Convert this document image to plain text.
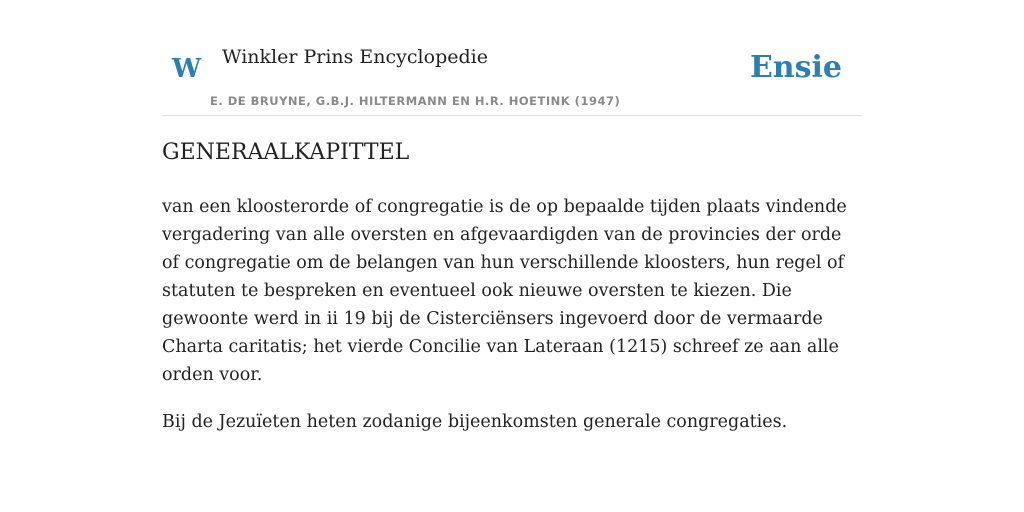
W Winkler Prins Encyclopedie
E. DE BRUYNE, G.B.J. HILTERMANN EN H.R. HOETINK (1947)
Ensie
GENERAALKAPITTEL

van een kloosterorde of congregatie is de op bepaalde tijden plaats vindende vergadering van alle oversten en afgevaardigden van de provincies der orde of congregatie om de belangen van hun verschillende kloosters, hun regel of statuten te bespreken en eventueel ook nieuwe oversten te kiezen. Die gewoonte werd in ii 19 bij de Cisterciënsers ingevoerd door de vermaarde Charta caritatis; het vierde Concilie van Lateraan (1215) schreef ze aan alle orden voor.

Bij de Jezuïeten heten zodanige bijeenkomsten generale congregaties.
